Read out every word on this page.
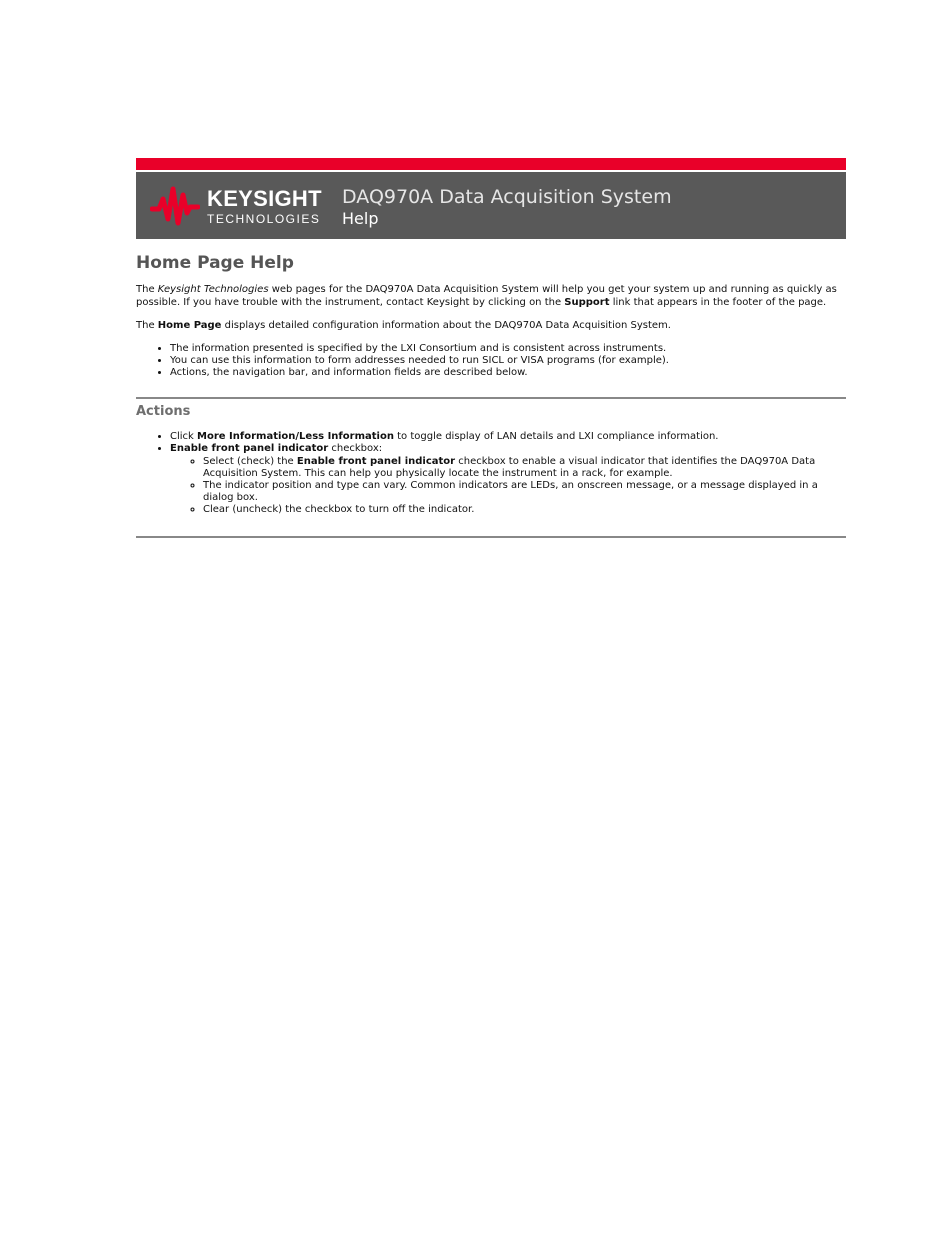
KEYSIGHT
TECHNOLOGIES
DAQ970A Data Acquisition System
Help
Home Page Help

The Keysight Technologies web pages for the DAQ970A Data Acquisition System will help you get your system up and running as quickly as possible. If you have trouble with the instrument, contact Keysight by clicking on the Support link that appears in the footer of the page.

The Home Page displays detailed configuration information about the DAQ970A Data Acquisition System.

• The information presented is specified by the LXI Consortium and is consistent across instruments.
• You can use this information to form addresses needed to run SICL or VISA programs (for example).
• Actions, the navigation bar, and information fields are described below.
Actions
• Click More Information/Less Information to toggle display of LAN details and LXI compliance information.
• Enable front panel indicator checkbox:
◦ Select (check) the Enable front panel indicator checkbox to enable a visual indicator that identifies the DAQ970A Data Acquisition System. This can help you physically locate the instrument in a rack, for example.
◦ The indicator position and type can vary. Common indicators are LEDs, an onscreen message, or a message displayed in a dialog box.
◦ Clear (uncheck) the checkbox to turn off the indicator.
